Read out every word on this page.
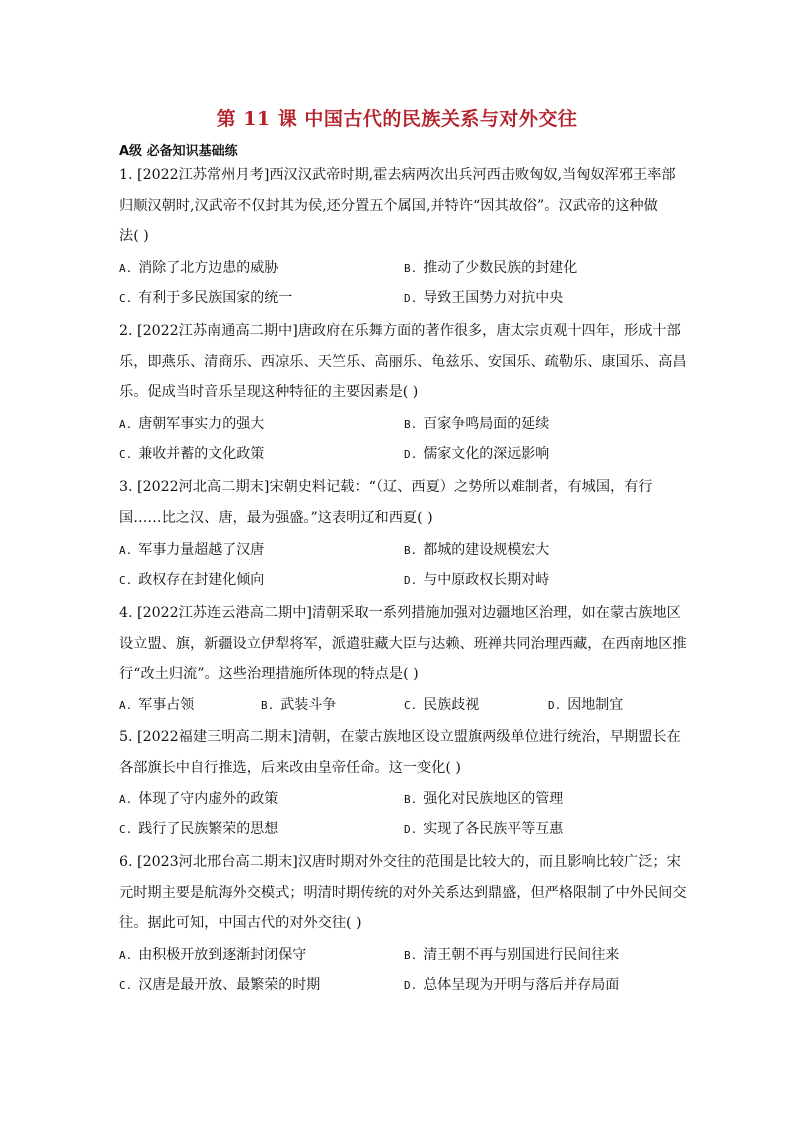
第 11 课 中国古代的民族关系与对外交往
A级 必备知识基础练
1. [2022江苏常州月考]西汉汉武帝时期,霍去病两次出兵河西击败匈奴,当匈奴浑邪王率部
归顺汉朝时,汉武帝不仅封其为侯,还分置五个属国,并特许“因其故俗”。汉武帝的这种做
法( )
A. 消除了北方边患的威胁	B. 推动了少数民族的封建化
C. 有利于多民族国家的统一	D. 导致王国势力对抗中央
2. [2022江苏南通高二期中]唐政府在乐舞方面的著作很多，唐太宗贞观十四年，形成十部
乐，即燕乐、清商乐、西凉乐、天竺乐、高丽乐、龟兹乐、安国乐、疏勒乐、康国乐、高昌
乐。促成当时音乐呈现这种特征的主要因素是( )
A. 唐朝军事实力的强大	B. 百家争鸣局面的延续
C. 兼收并蓄的文化政策	D. 儒家文化的深远影响
3. [2022河北高二期末]宋朝史料记载：“（辽、西夏）之势所以难制者，有城国，有行
国……比之汉、唐，最为强盛。”这表明辽和西夏( )
A. 军事力量超越了汉唐	B. 都城的建设规模宏大
C. 政权存在封建化倾向	D. 与中原政权长期对峙
4. [2022江苏连云港高二期中]清朝采取一系列措施加强对边疆地区治理，如在蒙古族地区
设立盟、旗，新疆设立伊犁将军，派遣驻藏大臣与达赖、班禅共同治理西藏，在西南地区推
行“改土归流”。这些治理措施所体现的特点是( )
A. 军事占领	B. 武装斗争	C. 民族歧视	D. 因地制宜
5. [2022福建三明高二期末]清朝，在蒙古族地区设立盟旗两级单位进行统治，早期盟长在
各部旗长中自行推选，后来改由皇帝任命。这一变化( )
A. 体现了守内虚外的政策	B. 强化对民族地区的管理
C. 践行了民族繁荣的思想	D. 实现了各民族平等互惠
6. [2023河北邢台高二期末]汉唐时期对外交往的范围是比较大的，而且影响比较广泛；宋
元时期主要是航海外交模式；明清时期传统的对外关系达到鼎盛，但严格限制了中外民间交
往。据此可知，中国古代的对外交往( )
A. 由积极开放到逐渐封闭保守	B. 清王朝不再与别国进行民间往来
C. 汉唐是最开放、最繁荣的时期	D. 总体呈现为开明与落后并存局面
